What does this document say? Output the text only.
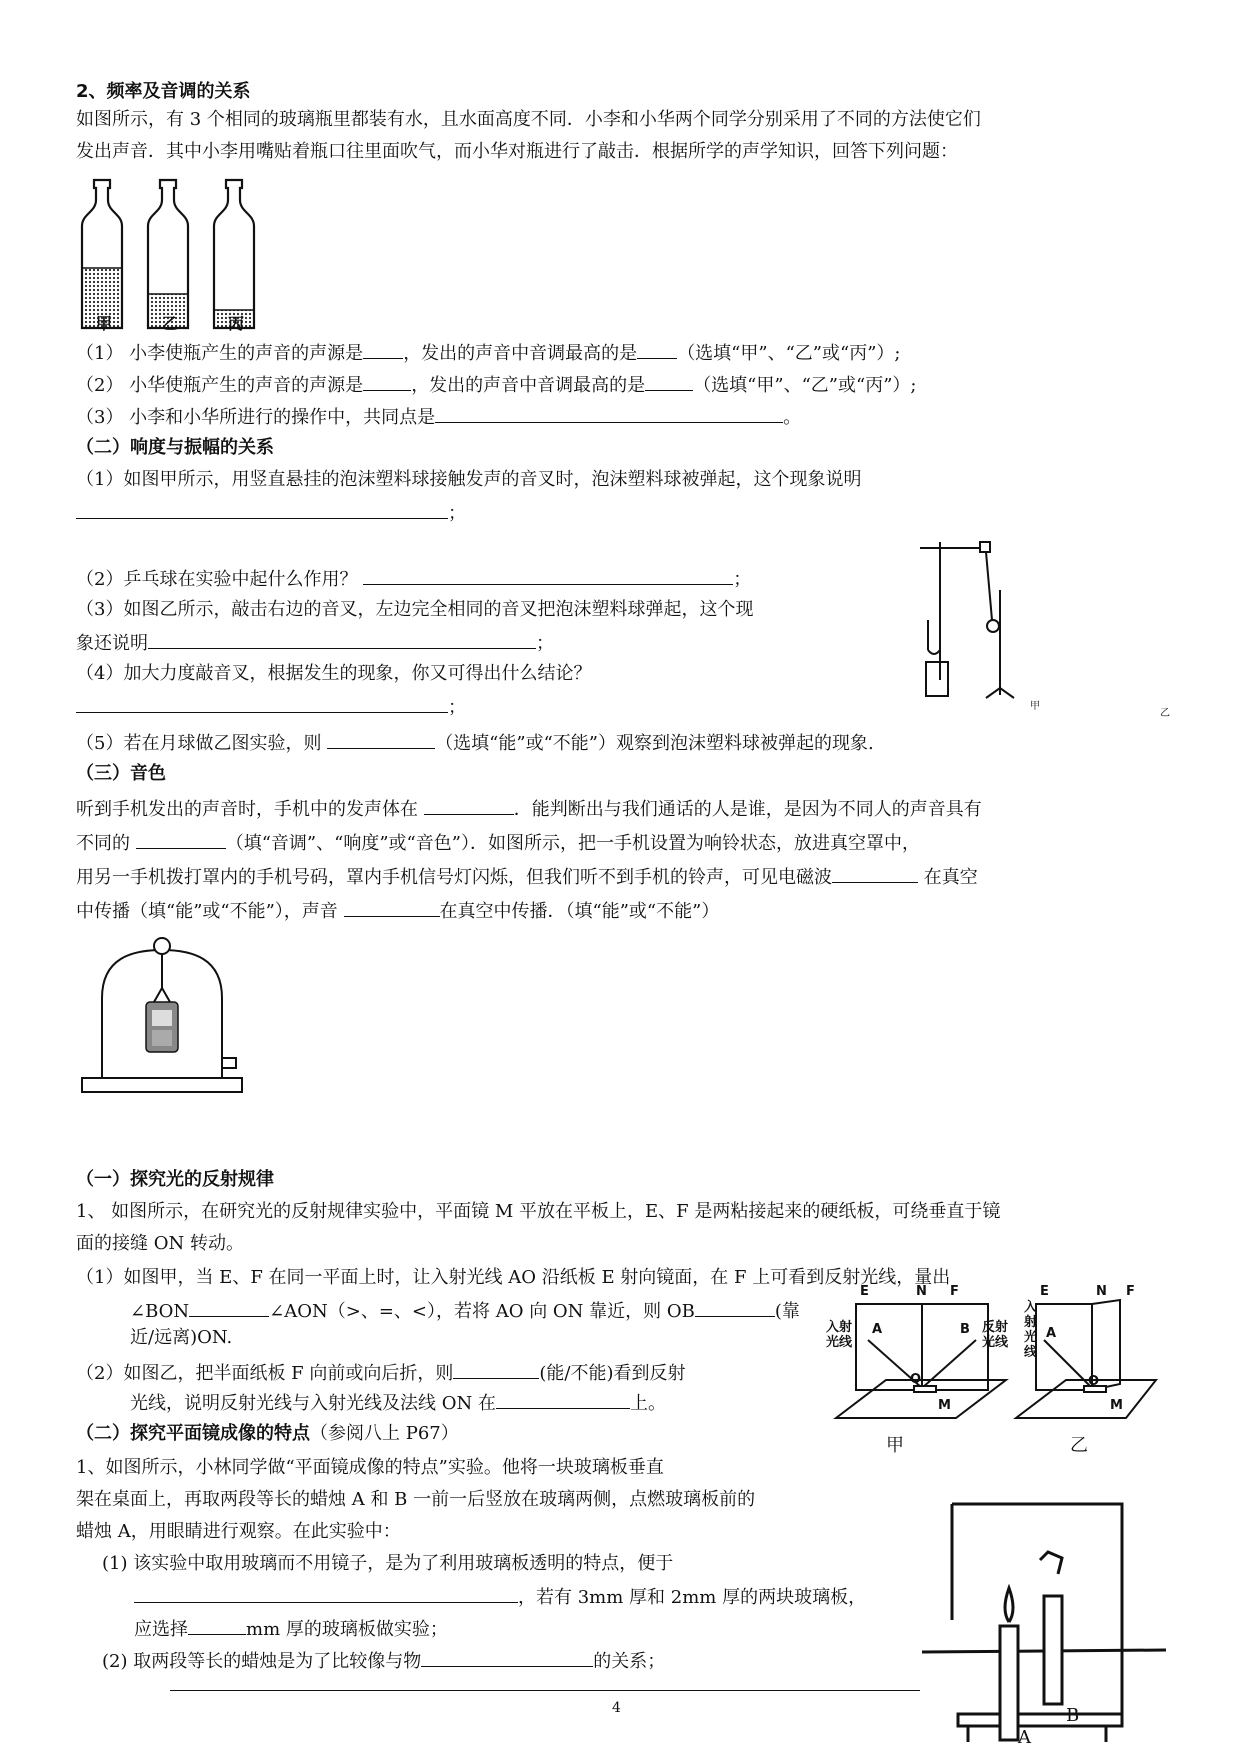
2、频率及音调的关系
如图所示，有 3 个相同的玻璃瓶里都装有水，且水面高度不同．小李和小华两个同学分别采用了不同的方法使它们
发出声音．其中小李用嘴贴着瓶口往里面吹气，而小华对瓶进行了敲击．根据所学的声学知识，回答下列问题：
甲	乙	丙
（1） 小李使瓶产生的声音的声源是 ，发出的声音中音调最高的是 （选填“甲”、“乙”或“丙”）;
（2） 小华使瓶产生的声音的声源是	，发出的声音中音调最高的是	（选填“甲”、“乙”或“丙”）;
（3） 小李和小华所进行的操作中，共同点是	。
（二）响度与振幅的关系
（1）如图甲所示，用竖直悬挂的泡沫塑料球接触发声的音叉时，泡沫塑料球被弹起，这个现象说明
；
（2）乒乓球在实验中起什么作用？	；
（3）如图乙所示，敲击右边的音叉，左边完全相同的音叉把泡沫塑料球弹起，这个现
象还说明	；
（4）加大力度敲音叉，根据发生的现象，你又可得出什么结论？
；
（5）若在月球做乙图实验，则	（选填“能”或“不能”）观察到泡沫塑料球被弹起的现象.
甲
乙
（三）音色
听到手机发出的声音时，手机中的发声体在	．能判断出与我们通话的人是谁，是因为不同人的声音具有
不同的	（填“音调”、“响度”或“音色”）．如图所示，把一手机设置为响铃状态，放进真空罩中，
用另一手机拨打罩内的手机号码，罩内手机信号灯闪烁，但我们听不到手机的铃声，可见电磁波	在真空
中传播（填“能”或“不能”），声音	在真空中传播．（填“能”或“不能”）
（一）探究光的反射规律
1、 如图所示，在研究光的反射规律实验中，平面镜 M 平放在平板上，E、F 是两粘接起来的硬纸板，可绕垂直于镜
面的接缝 ON 转动。
（1）如图甲，当 E、F 在同一平面上时，让入射光线 AO 沿纸板 E 射向镜面，在 F 上可看到反射光线，量出
∠BON	∠AON（>、=、<），若将 AO 向 ON 靠近，则 OB	(靠
近/远离)ON.
（2）如图乙，把半面纸板 F 向前或向后折，则	(能/不能)看到反射
光线，说明反射光线与入射光线及法线 ON 在	上。
E	N F
A	B
O
M
入射光线
反射光线
E	N F
A
O
M
入射光线
甲	乙
（二）探究平面镜成像的特点（参阅八上 P67）
1、如图所示，小林同学做“平面镜成像的特点”实验。他将一块玻璃板垂直
架在桌面上，再取两段等长的蜡烛 A 和 B 一前一后竖放在玻璃两侧，点燃玻璃板前的
蜡烛 A，用眼睛进行观察。在此实验中：
(1) 该实验中取用玻璃而不用镜子，是为了利用玻璃板透明的特点，便于
，若有 3mm 厚和 2mm 厚的两块玻璃板，
应选择	mm 厚的玻璃板做实验；
(2) 取两段等长的蜡烛是为了比较像与物	的关系；
B
A
4
